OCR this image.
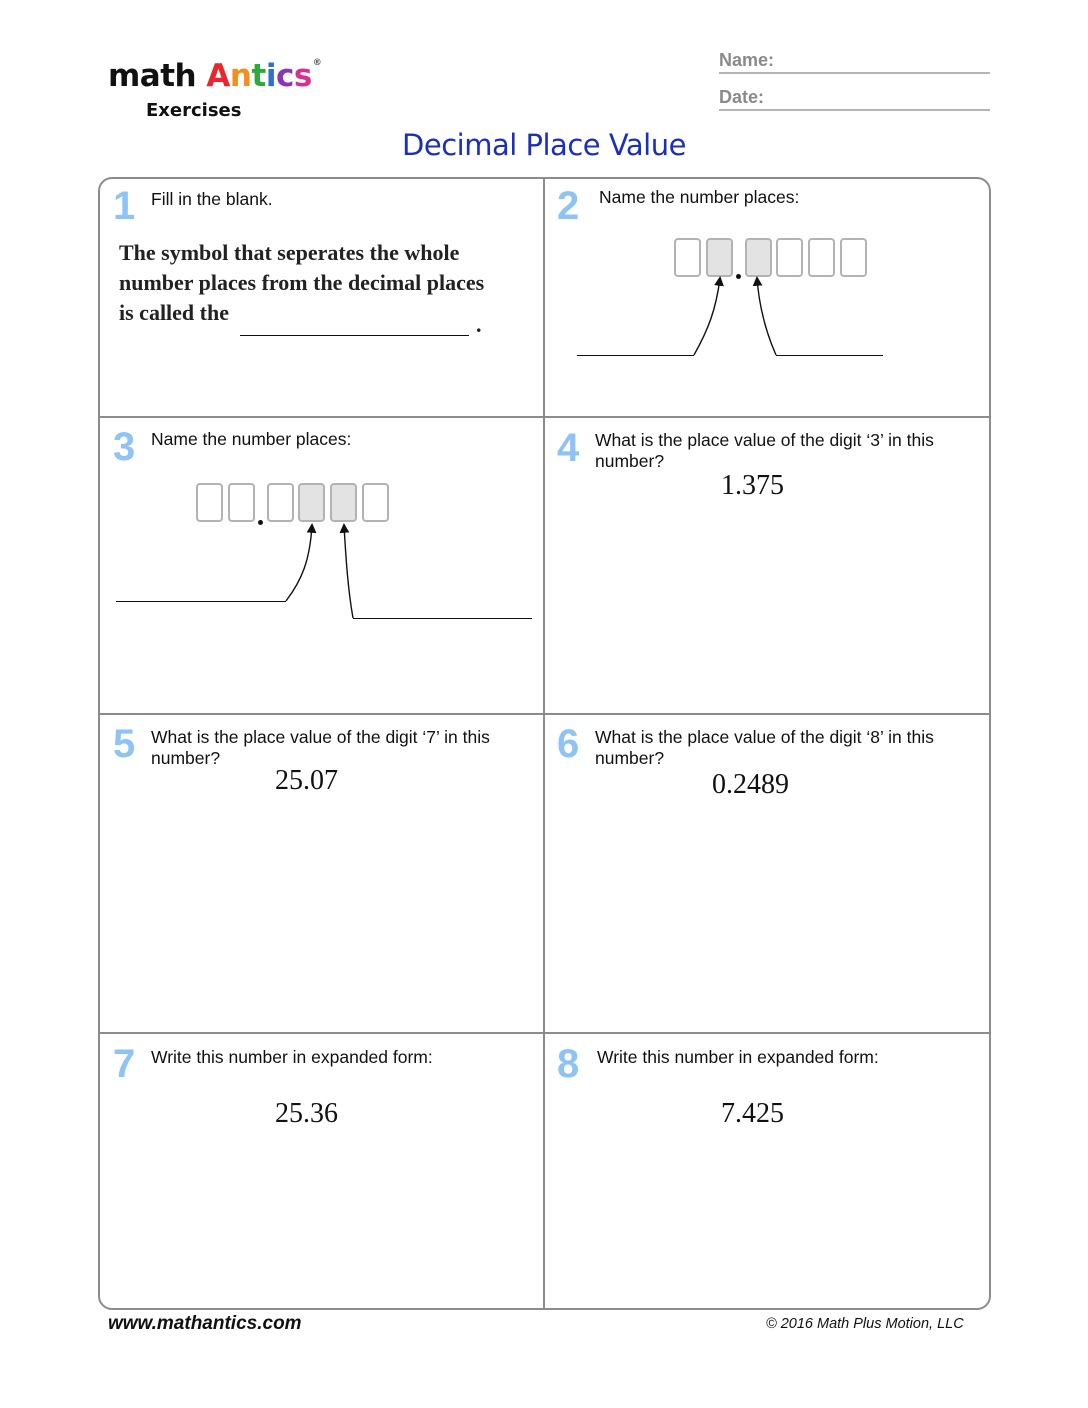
math Antics®
Exercises
Name:
Date:
Decimal Place Value
1 Fill in the blank.
The symbol that seperates the whole
number places from the decimal places
is called the	.
2 Name the number places:
3 Name the number places:	4 What is the place value of the digit ‘3’ in this number?
1.375
5 What is the place value of the digit ‘7’ in this number?
25.07
6 What is the place value of the digit ‘8’ in this number?
0.2489
7 Write this number in expanded form:
25.36
8 Write this number in expanded form:
7.425
www.mathantics.com	© 2016 Math Plus Motion, LLC
